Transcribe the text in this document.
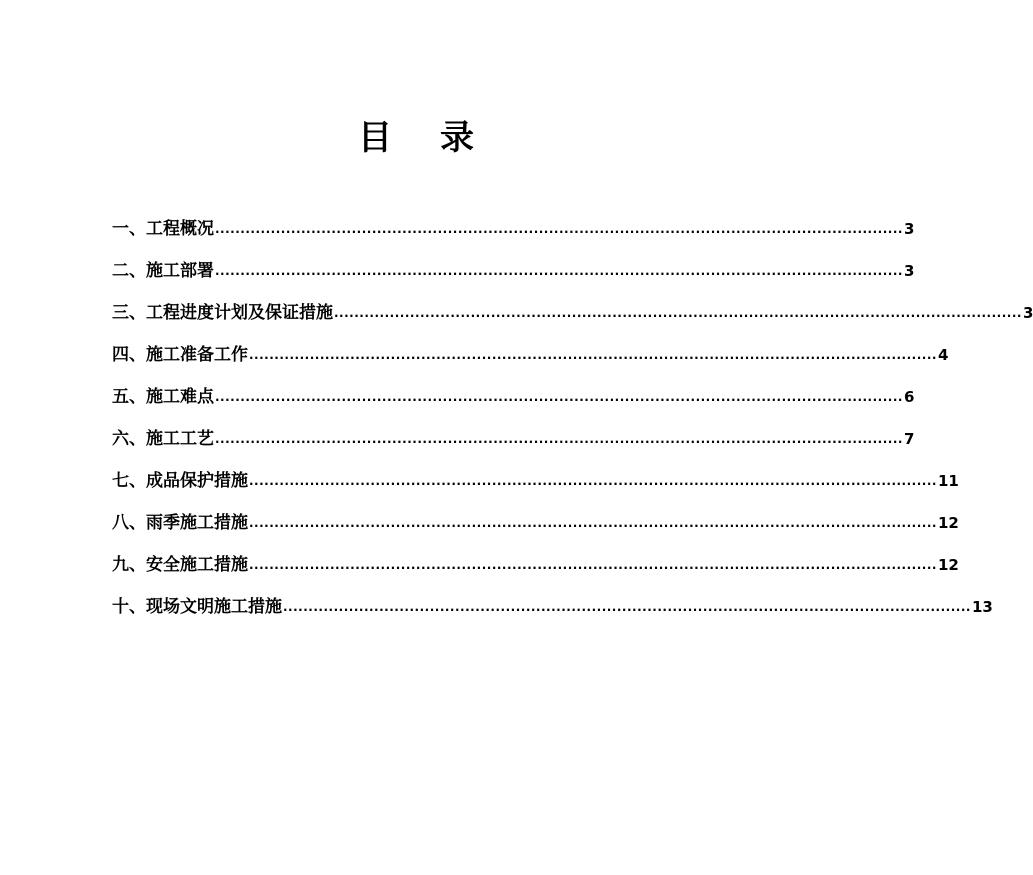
目 录
一、 工程概况 ........................................................................................................................................ 3
二、 施工部署 ........................................................................................................................................ 3
三、 工程进度计划及保证措施 ........................................................................................................................................ 3
四、 施工准备工作 ........................................................................................................................................ 4
五、 施工难点 ........................................................................................................................................ 6
六、 施工工艺 ........................................................................................................................................ 7
七、 成品保护措施 ........................................................................................................................................ 11
八、 雨季施工措施 ........................................................................................................................................ 12
九、 安全施工措施 ........................................................................................................................................ 12
十、 现场文明施工措施 ........................................................................................................................................ 13
